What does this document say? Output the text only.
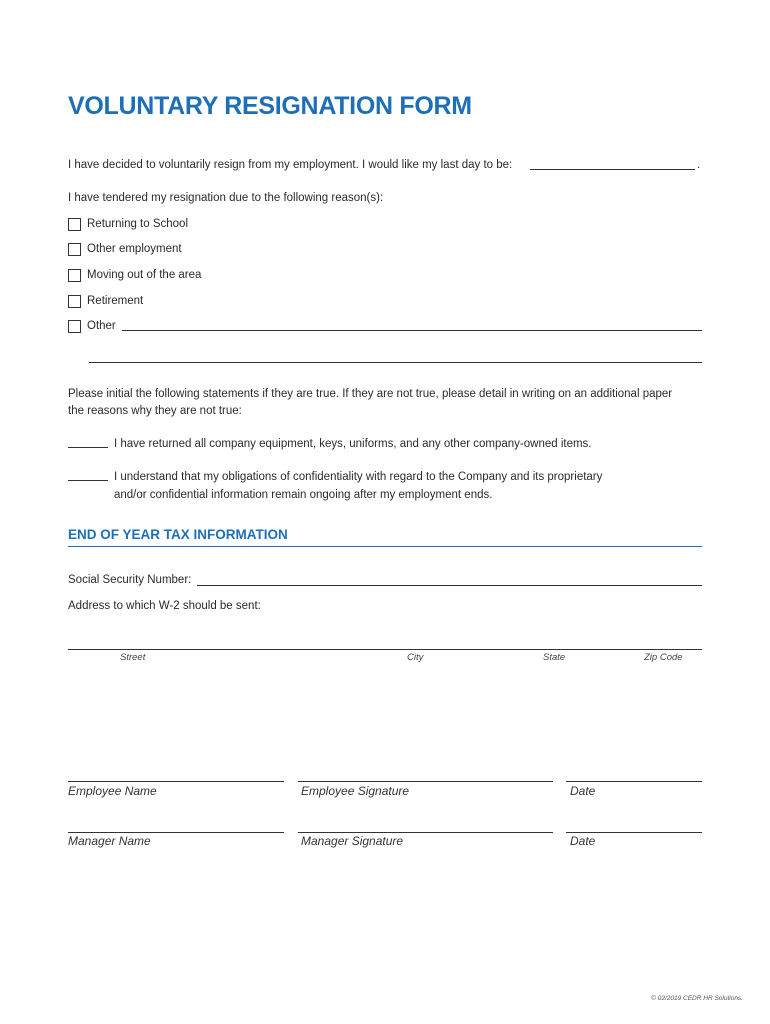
VOLUNTARY RESIGNATION FORM
I have decided to voluntarily resign from my employment. I would like my last day to be:	.
I have tendered my resignation due to the following reason(s):
Returning to School
Other employment
Moving out of the area
Retirement
Other
Please initial the following statements if they are true. If they are not true, please detail in writing on an additional paper
the reasons why they are not true:
I have returned all company equipment, keys, uniforms, and any other company-owned items.
I understand that my obligations of confidentiality with regard to the Company and its proprietary
and/or confidential information remain ongoing after my employment ends.
END OF YEAR TAX INFORMATION
Social Security Number:
Address to which W-2 should be sent:
Street	City	State	Zip Code
Employee Name	Employee Signature	Date
Manager Name	Manager Signature	Date
© 02/2019 CEDR HR Solutions.
